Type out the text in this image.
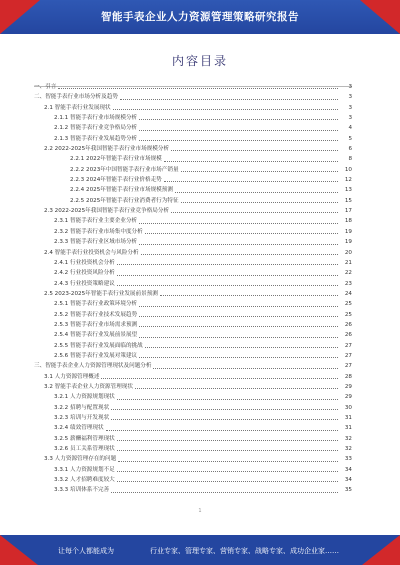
智能手表企业人力资源管理策略研究报告
内容目录
一、引言	3
二、智能手表行业市场分析及趋势	3
2.1 智能手表行业发展现状	3
2.1.1 智能手表行业市场规模分析	3
2.1.2 智能手表行业竞争格局分析	4
2.1.3 智能手表行业发展趋势分析	5
2.2 2022-2025年我国智能手表行业市场规模分析	6
2.2.1 2022年智能手表行业市场规模	8
2.2.2 2023年中国智能手表行业市场产销量	10
2.2.3 2024年智能手表行业价格走势	12
2.2.4 2025年智能手表行业市场规模预测	13
2.2.5 2025年智能手表行业消费者行为特征	15
2.3 2022-2025年我国智能手表行业竞争格局分析	17
2.3.1 智能手表行业主要企业分析	18
2.3.2 智能手表行业市场集中度分析	19
2.3.3 智能手表行业区域市场分析	19
2.4 智能手表行业投资机会与风险分析	20
2.4.1 行业投资机会分析	21
2.4.2 行业投资风险分析	22
2.4.3 行业投资策略建议	23
2.5 2023-2025年智能手表行业发展前景预测	24
2.5.1 智能手表行业政策环境分析	25
2.5.2 智能手表行业技术发展趋势	25
2.5.3 智能手表行业市场需求预测	26
2.5.4 智能手表行业发展前景展望	26
2.5.5 智能手表行业发展面临的挑战	27
2.5.6 智能手表行业发展对策建议	27
三、智能手表企业人力资源管理现状及问题分析	27
3.1 人力资源管理概述	28
3.2 智能手表企业人力资源管理现状	29
3.2.1 人力资源规划现状	29
3.2.2 招聘与配置现状	30
3.2.3 培训与开发现状	31
3.2.4 绩效管理现状	31
3.2.5 薪酬福利管理现状	32
3.2.6 员工关系管理现状	32
3.3 人力资源管理存在的问题	33
3.3.1 人力资源规划不足	34
3.3.2 人才招聘难度较大	34
3.3.3 培训体系不完善	35
1
让每个人都能成为	行业专家、管理专家、营销专家、战略专家、成功企业家……
